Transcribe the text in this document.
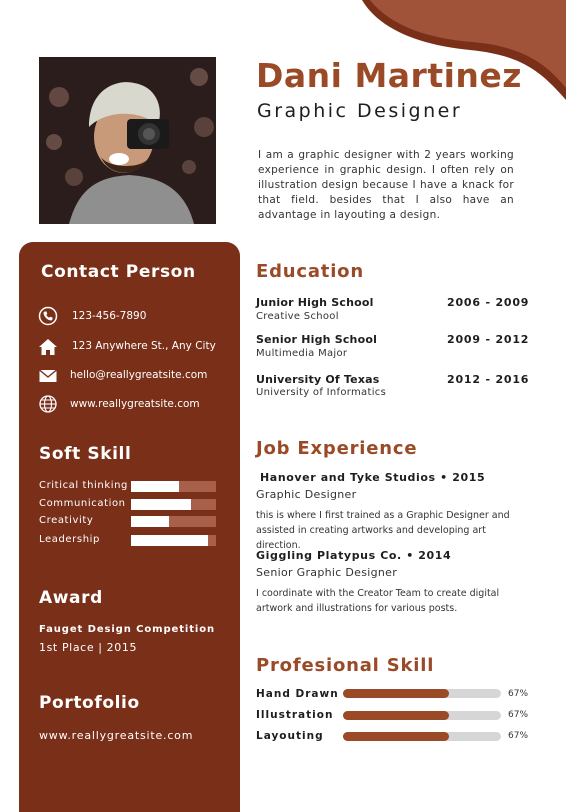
Dani Martinez
Graphic Designer
I am a graphic designer with 2 years working experience in graphic design. I often rely on illustration design because I have a knack for that field. besides that I also have an advantage in layouting a design.
Contact Person
123-456-7890
123 Anywhere St., Any City
hello@reallygreatsite.com
www.reallygreatsite.com
Soft Skill
Critical thinking
Communication
Creativity
Leadership
Award
Fauget Design Competition
1st Place | 2015
Portofolio
www.reallygreatsite.com
Education
Junior High School	2006 - 2009
Creative School
Senior High School	2009 - 2012
Multimedia Major
University Of Texas	2012 - 2016
University of Informatics
Job Experience
Hanover and Tyke Studios • 2015
Graphic Designer
this is where I first trained as a Graphic Designer and assisted in creating artworks and developing art direction.
Giggling Platypus Co. • 2014
Senior Graphic Designer
I coordinate with the Creator Team to create digital artwork and illustrations for various posts.
Profesional Skill
Hand Drawn	67%
Illustration	67%
Layouting	67%
